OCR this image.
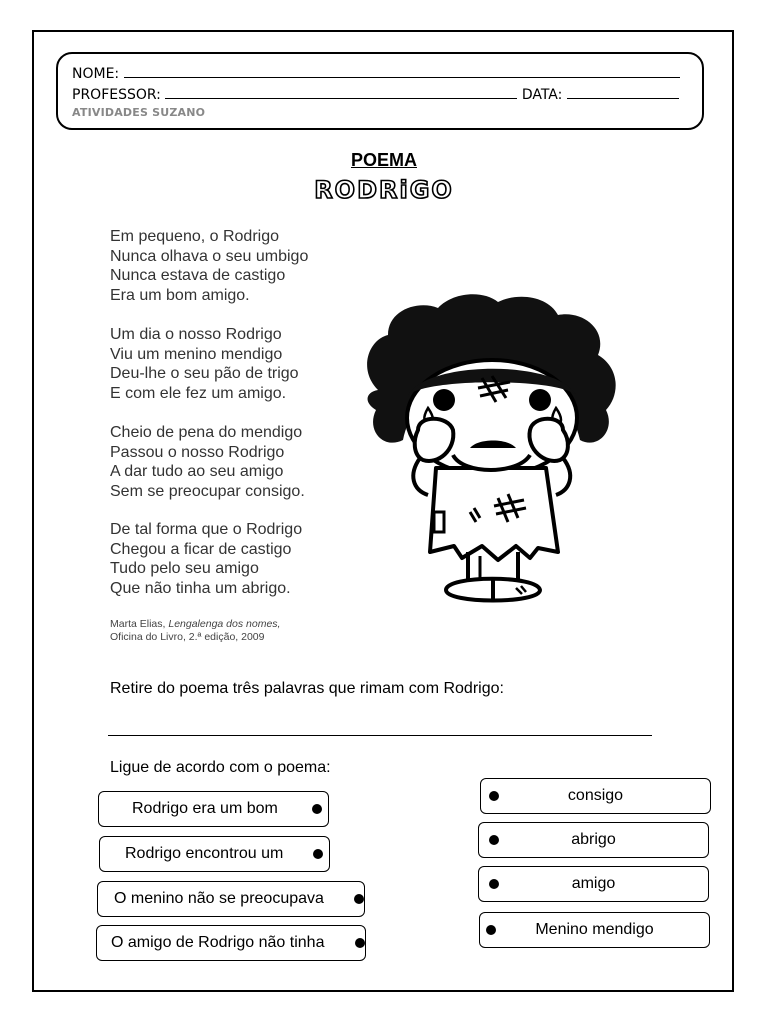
NOME:
PROFESSOR:	DATA:
ATIVIDADES SUZANO
POEMA
RODRiGO
Em pequeno, o Rodrigo
Nunca olhava o seu umbigo
Nunca estava de castigo
Era um bom amigo.
Um dia o nosso Rodrigo
Viu um menino mendigo
Deu-lhe o seu pão de trigo
E com ele fez um amigo.
Cheio de pena do mendigo
Passou o nosso Rodrigo
A dar tudo ao seu amigo
Sem se preocupar consigo.
De tal forma que o Rodrigo
Chegou a ficar de castigo
Tudo pelo seu amigo
Que não tinha um abrigo.
Marta Elias, Lengalenga dos nomes,
Oficina do Livro, 2.ª edição, 2009
Retire do poema três palavras que rimam com Rodrigo:
Ligue de acordo com o poema:
Rodrigo era um bom
Rodrigo encontrou um
O menino não se preocupava
O amigo de Rodrigo não tinha
consigo
abrigo
amigo
Menino mendigo
